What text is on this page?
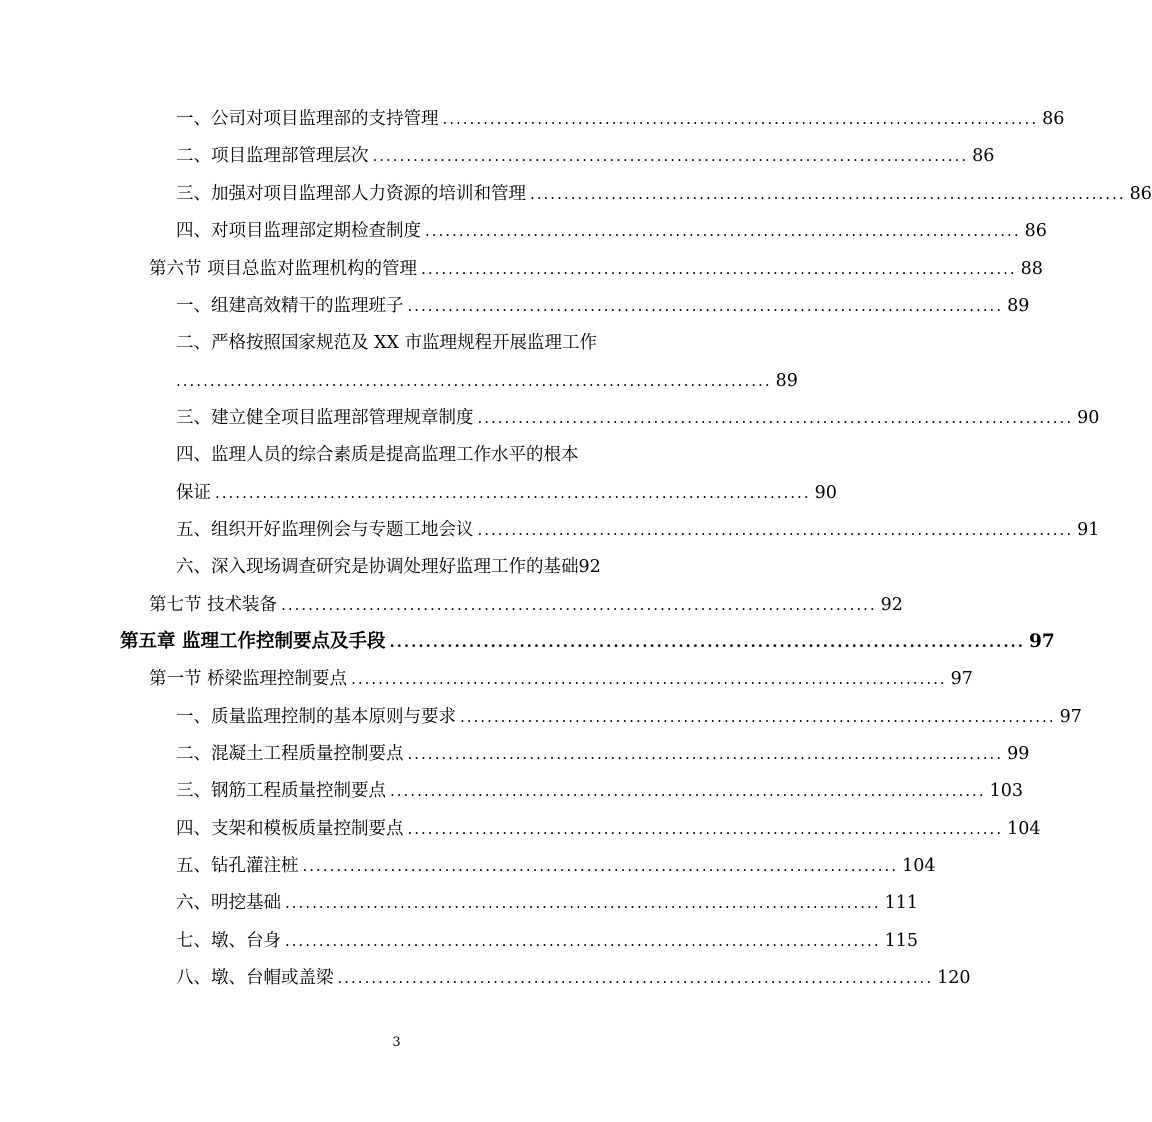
一、公司对项目监理部的支持管理 ........................................................................................ 86
二、项目监理部管理层次 ........................................................................................ 86
三、加强对项目监理部人力资源的培训和管理 ........................................................................................ 86
四、对项目监理部定期检查制度 ........................................................................................ 86
第六节 项目总监对监理机构的管理 ........................................................................................ 88
一、组建高效精干的监理班子 ........................................................................................ 89
二、严格按照国家规范及 XX 市监理规程开展监理工作
........................................................................................ 89
三、建立健全项目监理部管理规章制度 ........................................................................................ 90
四、监理人员的综合素质是提高监理工作水平的根本
保证 ........................................................................................ 90
五、组织开好监理例会与专题工地会议 ........................................................................................ 91
六、深入现场调查研究是协调处理好监理工作的基础 92
第七节 技术装备 ........................................................................................ 92
第五章 监理工作控制要点及手段 ........................................................................................ 97
第一节 桥梁监理控制要点 ........................................................................................ 97
一、质量监理控制的基本原则与要求 ........................................................................................ 97
二、混凝土工程质量控制要点 ........................................................................................ 99
三、钢筋工程质量控制要点 ........................................................................................ 103
四、支架和模板质量控制要点 ........................................................................................ 104
五、钻孔灌注桩 ........................................................................................ 104
六、明挖基础 ........................................................................................ 111
七、墩、台身 ........................................................................................ 115
八、墩、台帽或盖梁 ........................................................................................ 120
3
